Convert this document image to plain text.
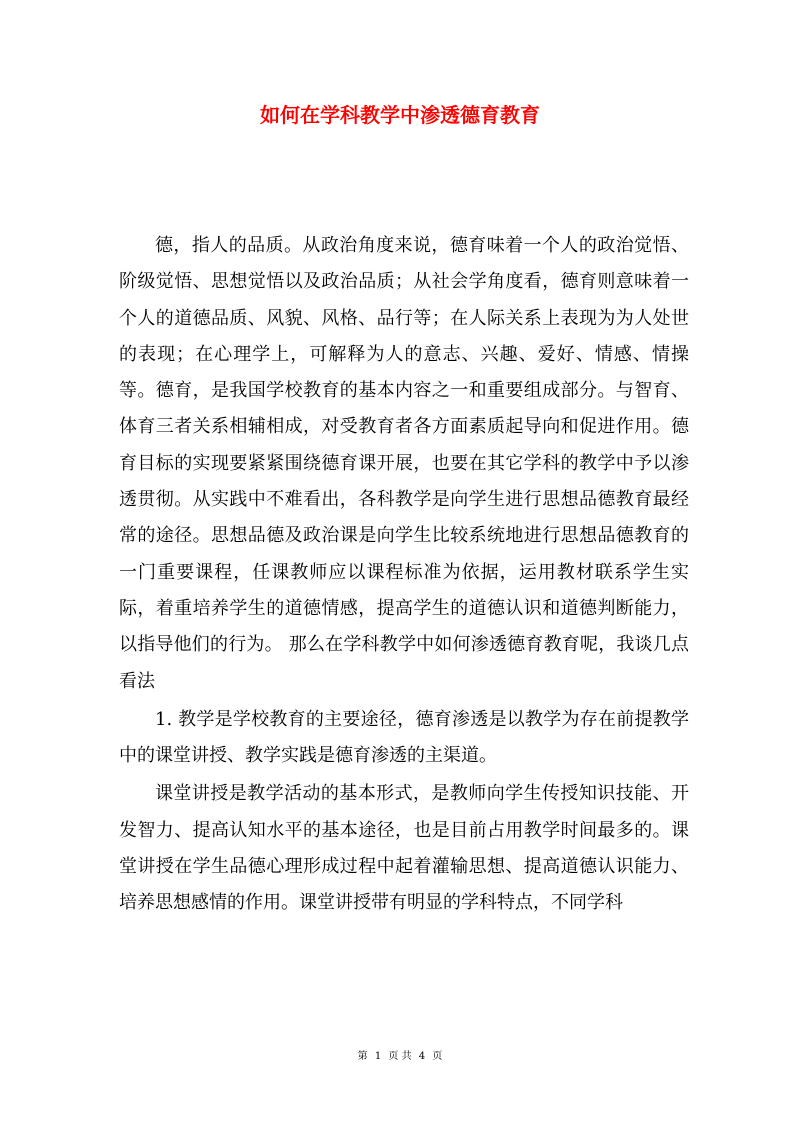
如何在学科教学中渗透德育教育

德，指人的品质。从政治角度来说，德育味着一个人的政治觉悟、阶级觉悟、思想觉悟以及政治品质；从社会学角度看，德育则意味着一个人的道德品质、风貌、风格、品行等；在人际关系上表现为为人处世的表现；在心理学上，可解释为人的意志、兴趣、爱好、情感、情操等。德育，是我国学校教育的基本内容之一和重要组成部分。与智育、体育三者关系相辅相成，对受教育者各方面素质起导向和促进作用。德育目标的实现要紧紧围绕德育课开展，也要在其它学科的教学中予以渗透贯彻。从实践中不难看出，各科教学是向学生进行思想品德教育最经常的途径。思想品德及政治课是向学生比较系统地进行思想品德教育的一门重要课程，任课教师应以课程标准为依据，运用教材联系学生实际，着重培养学生的道德情感，提高学生的道德认识和道德判断能力，以指导他们的行为。 那么在学科教学中如何渗透德育教育呢，我谈几点看法

1. 教学是学校教育的主要途径，德育渗透是以教学为存在前提教学中的课堂讲授、教学实践是德育渗透的主渠道。

课堂讲授是教学活动的基本形式，是教师向学生传授知识技能、开发智力、提高认知水平的基本途径，也是目前占用教学时间最多的。课堂讲授在学生品德心理形成过程中起着灌输思想、提高道德认识能力、培养思想感情的作用。课堂讲授带有明显的学科特点，不同学科

第 1 页 共 4 页
